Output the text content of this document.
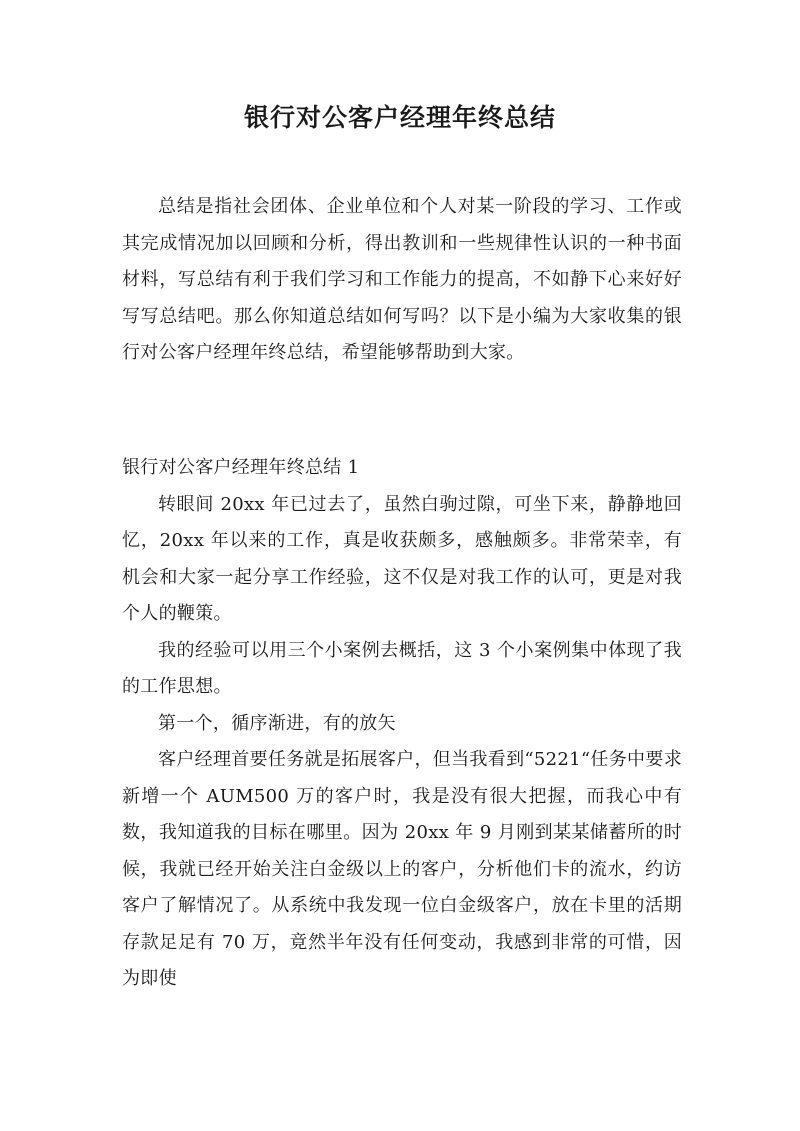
银行对公客户经理年终总结

总结是指社会团体、企业单位和个人对某一阶段的学习、工作或其完成情况加以回顾和分析，得出教训和一些规律性认识的一种书面材料，写总结有利于我们学习和工作能力的提高，不如静下心来好好写写总结吧。那么你知道总结如何写吗？以下是小编为大家收集的银行对公客户经理年终总结，希望能够帮助到大家。

银行对公客户经理年终总结 1

转眼间 20xx 年已过去了，虽然白驹过隙，可坐下来，静静地回忆，20xx 年以来的工作，真是收获颇多，感触颇多。非常荣幸，有机会和大家一起分享工作经验，这不仅是对我工作的认可，更是对我个人的鞭策。

我的经验可以用三个小案例去概括，这 3 个小案例集中体现了我的工作思想。

第一个，循序渐进，有的放矢

客户经理首要任务就是拓展客户，但当我看到“5221“任务中要求新增一个 AUM500 万的客户时，我是没有很大把握，而我心中有数，我知道我的目标在哪里。因为 20xx 年 9 月刚到某某储蓄所的时候，我就已经开始关注白金级以上的客户，分析他们卡的流水，约访客户了解情况了。从系统中我发现一位白金级客户，放在卡里的活期存款足足有 70 万，竟然半年没有任何变动，我感到非常的可惜，因为即使
